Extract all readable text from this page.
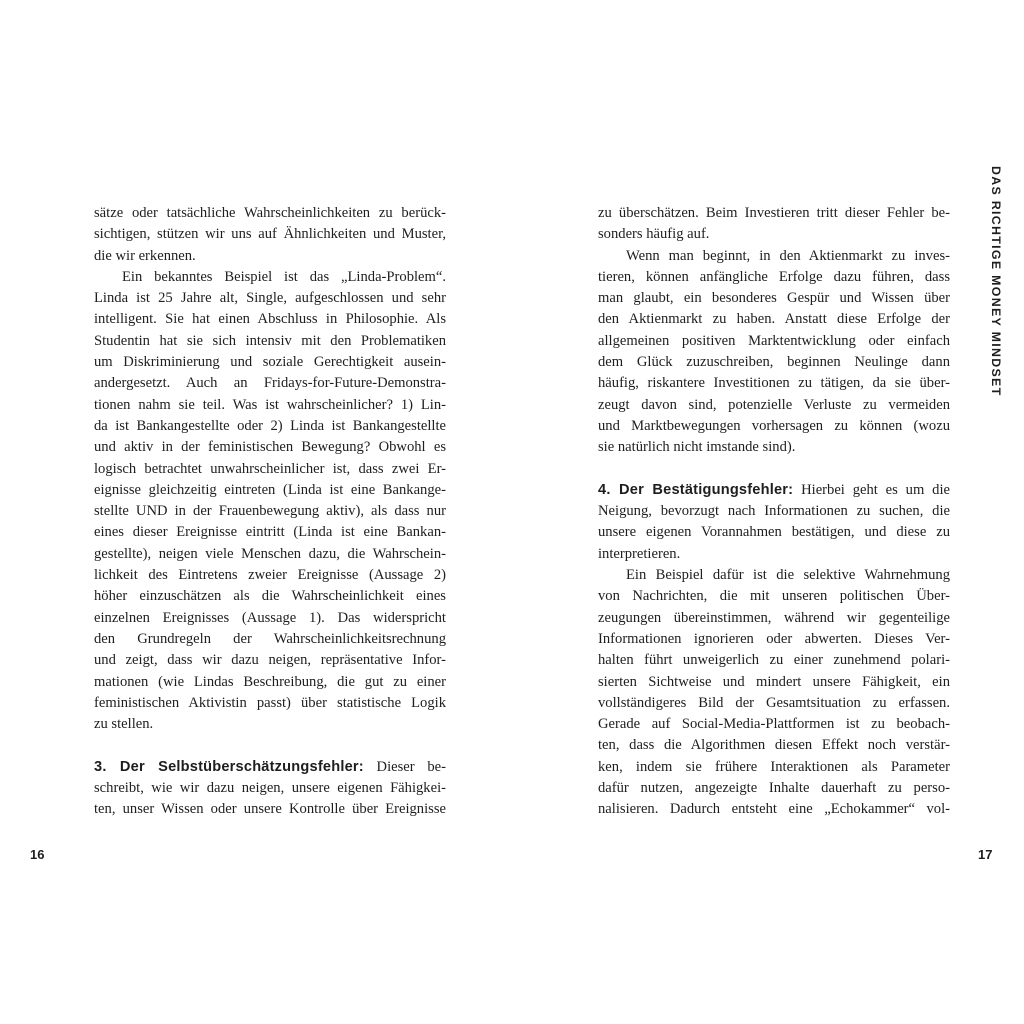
sätze oder tatsächliche Wahrscheinlichkeiten zu berück-
sichtigen, stützen wir uns auf Ähnlichkeiten und Muster,
die wir erkennen.
Ein bekanntes Beispiel ist das „Linda-Problem“.
Linda ist 25 Jahre alt, Single, aufgeschlossen und sehr
intelligent. Sie hat einen Abschluss in Philosophie. Als
Studentin hat sie sich intensiv mit den Problematiken
um Diskriminierung und soziale Gerechtigkeit ausein-
andergesetzt. Auch an Fridays-for-Future-Demonstra-
tionen nahm sie teil. Was ist wahrscheinlicher? 1) Lin-
da ist Bankangestellte oder 2) Linda ist Bankangestellte
und aktiv in der feministischen Bewegung? Obwohl es
logisch betrachtet unwahrscheinlicher ist, dass zwei Er-
eignisse gleichzeitig eintreten (Linda ist eine Bankange-
stellte UND in der Frauenbewegung aktiv), als dass nur
eines dieser Ereignisse eintritt (Linda ist eine Bankan-
gestellte), neigen viele Menschen dazu, die Wahrschein-
lichkeit des Eintretens zweier Ereignisse (Aussage 2)
höher einzuschätzen als die Wahrscheinlichkeit eines
einzelnen Ereignisses (Aussage 1). Das widerspricht
den Grundregeln der Wahrscheinlichkeitsrechnung
und zeigt, dass wir dazu neigen, repräsentative Infor-
mationen (wie Lindas Beschreibung, die gut zu einer
feministischen Aktivistin passt) über statistische Logik
zu stellen.
3. Der Selbstüberschätzungsfehler: Dieser be-
schreibt, wie wir dazu neigen, unsere eigenen Fähigkei-
ten, unser Wissen oder unsere Kontrolle über Ereignisse
16
zu überschätzen. Beim Investieren tritt dieser Fehler be-
sonders häufig auf.
Wenn man beginnt, in den Aktienmarkt zu inves-
tieren, können anfängliche Erfolge dazu führen, dass
man glaubt, ein besonderes Gespür und Wissen über
den Aktienmarkt zu haben. Anstatt diese Erfolge der
allgemeinen positiven Marktentwicklung oder einfach
dem Glück zuzuschreiben, beginnen Neulinge dann
häufig, riskantere Investitionen zu tätigen, da sie über-
zeugt davon sind, potenzielle Verluste zu vermeiden
und Marktbewegungen vorhersagen zu können (wozu
sie natürlich nicht imstande sind).
4. Der Bestätigungsfehler: Hierbei geht es um die
Neigung, bevorzugt nach Informationen zu suchen, die
unsere eigenen Vorannahmen bestätigen, und diese zu
interpretieren.
Ein Beispiel dafür ist die selektive Wahrnehmung
von Nachrichten, die mit unseren politischen Über-
zeugungen übereinstimmen, während wir gegenteilige
Informationen ignorieren oder abwerten. Dieses Ver-
halten führt unweigerlich zu einer zunehmend polari-
sierten Sichtweise und mindert unsere Fähigkeit, ein
vollständigeres Bild der Gesamtsituation zu erfassen.
Gerade auf Social-Media-Plattformen ist zu beobach-
ten, dass die Algorithmen diesen Effekt noch verstär-
ken, indem sie frühere Interaktionen als Parameter
dafür nutzen, angezeigte Inhalte dauerhaft zu perso-
nalisieren. Dadurch entsteht eine „Echokammer“ vol-
DAS RICHTIGE MONEY MINDSET
17
